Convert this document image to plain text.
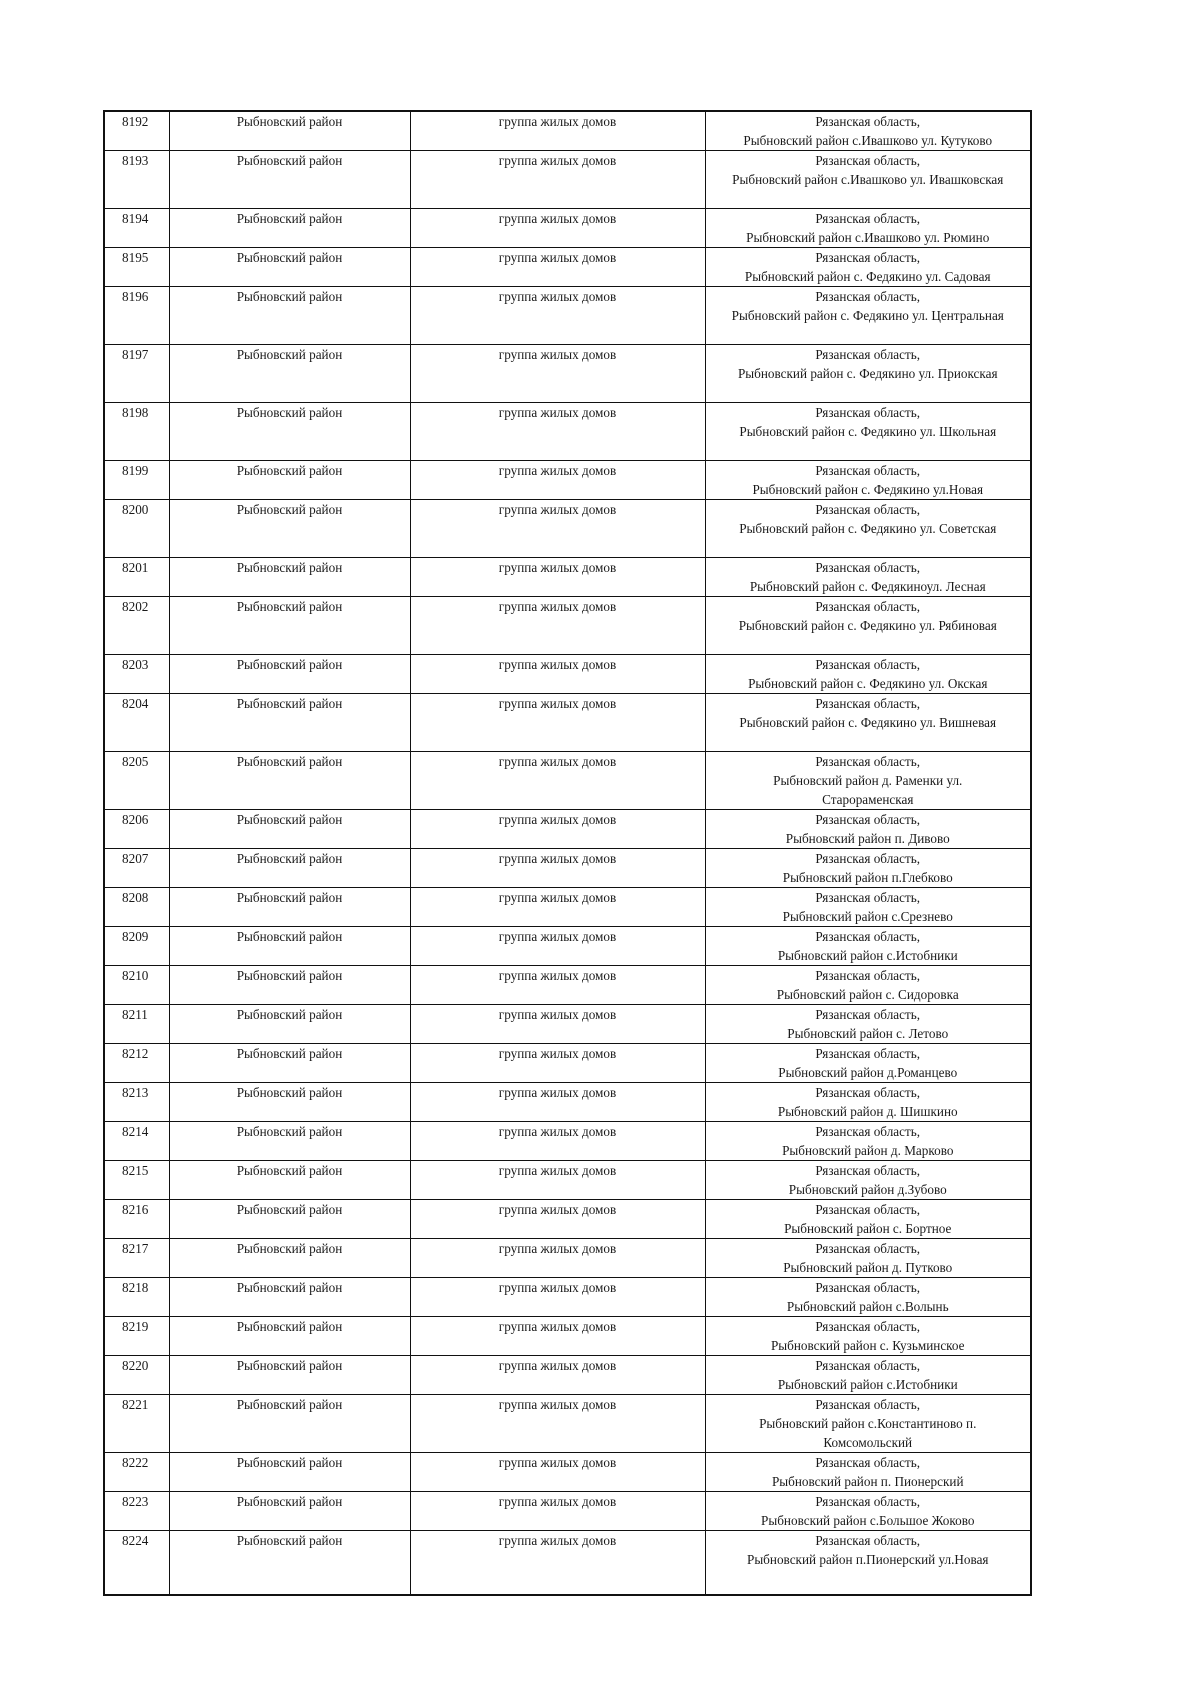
8192	Рыбновский район	группа жилых домов	Рязанская область,
Рыбновский район с.Ивашково ул. Кутуково
8193	Рыбновский район	группа жилых домов	Рязанская область,
Рыбновский район с.Ивашково ул. Ивашковская
8194	Рыбновский район	группа жилых домов	Рязанская область,
Рыбновский район с.Ивашково ул. Рюмино
8195	Рыбновский район	группа жилых домов	Рязанская область,
Рыбновский район с. Федякино ул. Садовая
8196	Рыбновский район	группа жилых домов	Рязанская область,
Рыбновский район с. Федякино ул. Центральная
8197	Рыбновский район	группа жилых домов	Рязанская область,
Рыбновский район с. Федякино ул. Приокская
8198	Рыбновский район	группа жилых домов	Рязанская область,
Рыбновский район с. Федякино ул. Школьная
8199	Рыбновский район	группа жилых домов	Рязанская область,
Рыбновский район с. Федякино ул.Новая
8200	Рыбновский район	группа жилых домов	Рязанская область,
Рыбновский район с. Федякино ул. Советская
8201	Рыбновский район	группа жилых домов	Рязанская область,
Рыбновский район с. Федякиноул. Лесная
8202	Рыбновский район	группа жилых домов	Рязанская область,
Рыбновский район с. Федякино ул. Рябиновая
8203	Рыбновский район	группа жилых домов	Рязанская область,
Рыбновский район с. Федякино ул. Окская
8204	Рыбновский район	группа жилых домов	Рязанская область,
Рыбновский район с. Федякино ул. Вишневая
8205	Рыбновский район	группа жилых домов	Рязанская область,
Рыбновский район д. Раменки ул.
Старораменская
8206	Рыбновский район	группа жилых домов	Рязанская область,
Рыбновский район п. Дивово
8207	Рыбновский район	группа жилых домов	Рязанская область,
Рыбновский район п.Глебково
8208	Рыбновский район	группа жилых домов	Рязанская область,
Рыбновский район с.Срезнево
8209	Рыбновский район	группа жилых домов	Рязанская область,
Рыбновский район с.Истобники
8210	Рыбновский район	группа жилых домов	Рязанская область,
Рыбновский район с. Сидоровка
8211	Рыбновский район	группа жилых домов	Рязанская область,
Рыбновский район с. Летово
8212	Рыбновский район	группа жилых домов	Рязанская область,
Рыбновский район д.Романцево
8213	Рыбновский район	группа жилых домов	Рязанская область,
Рыбновский район д. Шишкино
8214	Рыбновский район	группа жилых домов	Рязанская область,
Рыбновский район д. Марково
8215	Рыбновский район	группа жилых домов	Рязанская область,
Рыбновский район д.Зубово
8216	Рыбновский район	группа жилых домов	Рязанская область,
Рыбновский район с. Бортное
8217	Рыбновский район	группа жилых домов	Рязанская область,
Рыбновский район д. Путково
8218	Рыбновский район	группа жилых домов	Рязанская область,
Рыбновский район с.Волынь
8219	Рыбновский район	группа жилых домов	Рязанская область,
Рыбновский район с. Кузьминское
8220	Рыбновский район	группа жилых домов	Рязанская область,
Рыбновский район с.Истобники
8221	Рыбновский район	группа жилых домов	Рязанская область,
Рыбновский район с.Константиново п.
Комсомольский
8222	Рыбновский район	группа жилых домов	Рязанская область,
Рыбновский район п. Пионерский
8223	Рыбновский район	группа жилых домов	Рязанская область,
Рыбновский район с.Большое Жоково
8224	Рыбновский район	группа жилых домов	Рязанская область,
Рыбновский район п.Пионерский ул.Новая
